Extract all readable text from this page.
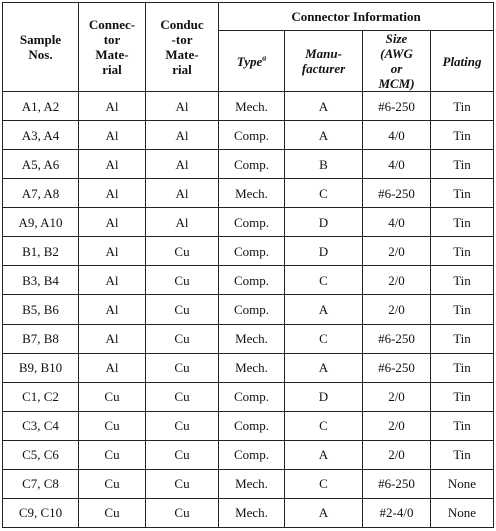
Sample
Nos.	Connec-
tor
Mate-
rial	Conduc
-tor
Mate-
rial	Connector Information			
			Type$^a$	Manu-
facturer	Size
(AWG
or
MCM)	Plating
A1, A2	Al	Al	Mech.	A	#6-250	Tin
A3, A4	Al	Al	Comp.	A	4/0	Tin
A5, A6	Al	Al	Comp.	B	4/0	Tin
A7, A8	Al	Al	Mech.	C	#6-250	Tin
A9, A10	Al	Al	Comp.	D	4/0	Tin
B1, B2	Al	Cu	Comp.	D	2/0	Tin
B3, B4	Al	Cu	Comp.	C	2/0	Tin
B5, B6	Al	Cu	Comp.	A	2/0	Tin
B7, B8	Al	Cu	Mech.	C	#6-250	Tin
B9, B10	Al	Cu	Mech.	A	#6-250	Tin
C1, C2	Cu	Cu	Comp.	D	2/0	Tin
C3, C4	Cu	Cu	Comp.	C	2/0	Tin
C5, C6	Cu	Cu	Comp.	A	2/0	Tin
C7, C8	Cu	Cu	Mech.	C	#6-250	None
C9, C10	Cu	Cu	Mech.	A	#2-4/0	None
